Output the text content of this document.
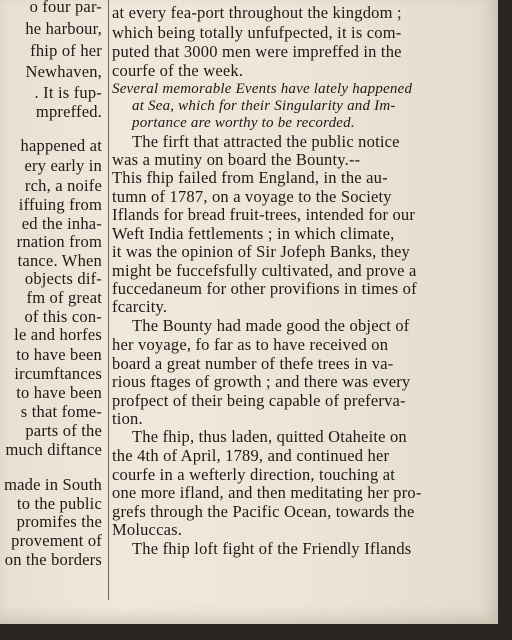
o four par-
he harbour,
fhip of her
Newhaven,
. It is fup-
mpreffed.
happened at
ery early in
rch, a noife
iffuing from
ed the inha-
rnation from
tance. When
objects dif-
fm of great
of this con-
le and horfes
to have been
ircumftances
to have been
s that fome-
parts of the
much diftance
made in South
to the public
promifes the
provement of
on the borders
at every fea-port throughout the kingdom ;
which being totally unfufpected, it is com-
puted that 3000 men were impreffed in the
courfe of the week.
Several memorable Events have lately happened
at Sea, which for their Singularity and Im-
portance are worthy to be recorded.
The firft that attracted the public notice
was a mutiny on board the Bounty.--
This fhip failed from England, in the au-
tumn of 1787, on a voyage to the Society
Iflands for bread fruit-trees, intended for our
Weft India fettlements ; in which climate,
it was the opinion of Sir Jofeph Banks, they
might be fuccefsfully cultivated, and prove a
fuccedaneum for other provifions in times of
fcarcity.
The Bounty had made good the object of
her voyage, fo far as to have received on
board a great number of thefe trees in va-
rious ftages of growth ; and there was every
profpect of their being capable of preferva-
tion.
The fhip, thus laden, quitted Otaheite on
the 4th of April, 1789, and continued her
courfe in a wefterly direction, touching at
one more ifland, and then meditating her pro-
grefs through the Pacific Ocean, towards the
Moluccas.
The fhip loft fight of the Friendly Iflands
